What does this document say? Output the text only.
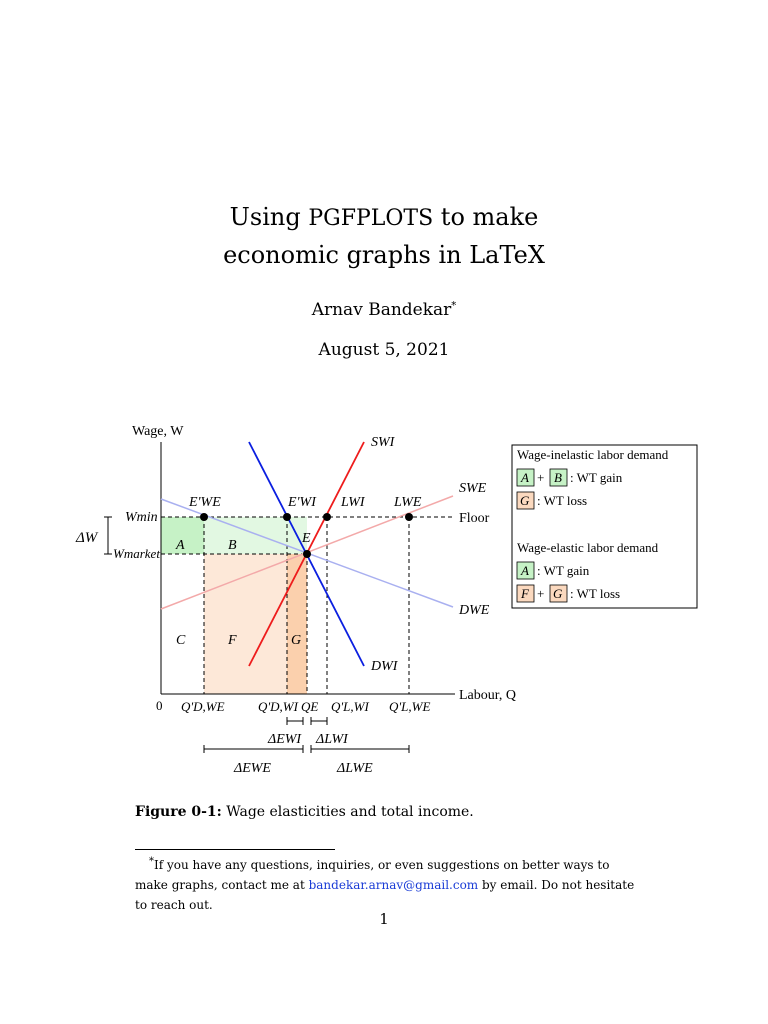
Using PGFPLOTS to make
economic graphs in LaTeX
Arnav Bandekar*
August 5, 2021
Wage, W
Labour, Q
0
Floor
Wmin
Wmarket
ΔW
SWI
SWE
DWE
DWI
E'WE	E'WI LWI LWE
E
A	B
C	F	G
Q'D,WE	Q'D,WI QE Q'L,WI Q'L,WE
ΔEWI ΔLWI
ΔEWE	ΔLWE
Wage-inelastic labor demand
A + B : WT gain
G : WT loss
Wage-elastic labor demand
A : WT gain
F + G : WT loss
Figure 0-1: Wage elasticities and total income.
*If you have any questions, inquiries, or even suggestions on better ways to make graphs, contact me at bandekar.arnav@gmail.com by email. Do not hesitate to reach out.
1
